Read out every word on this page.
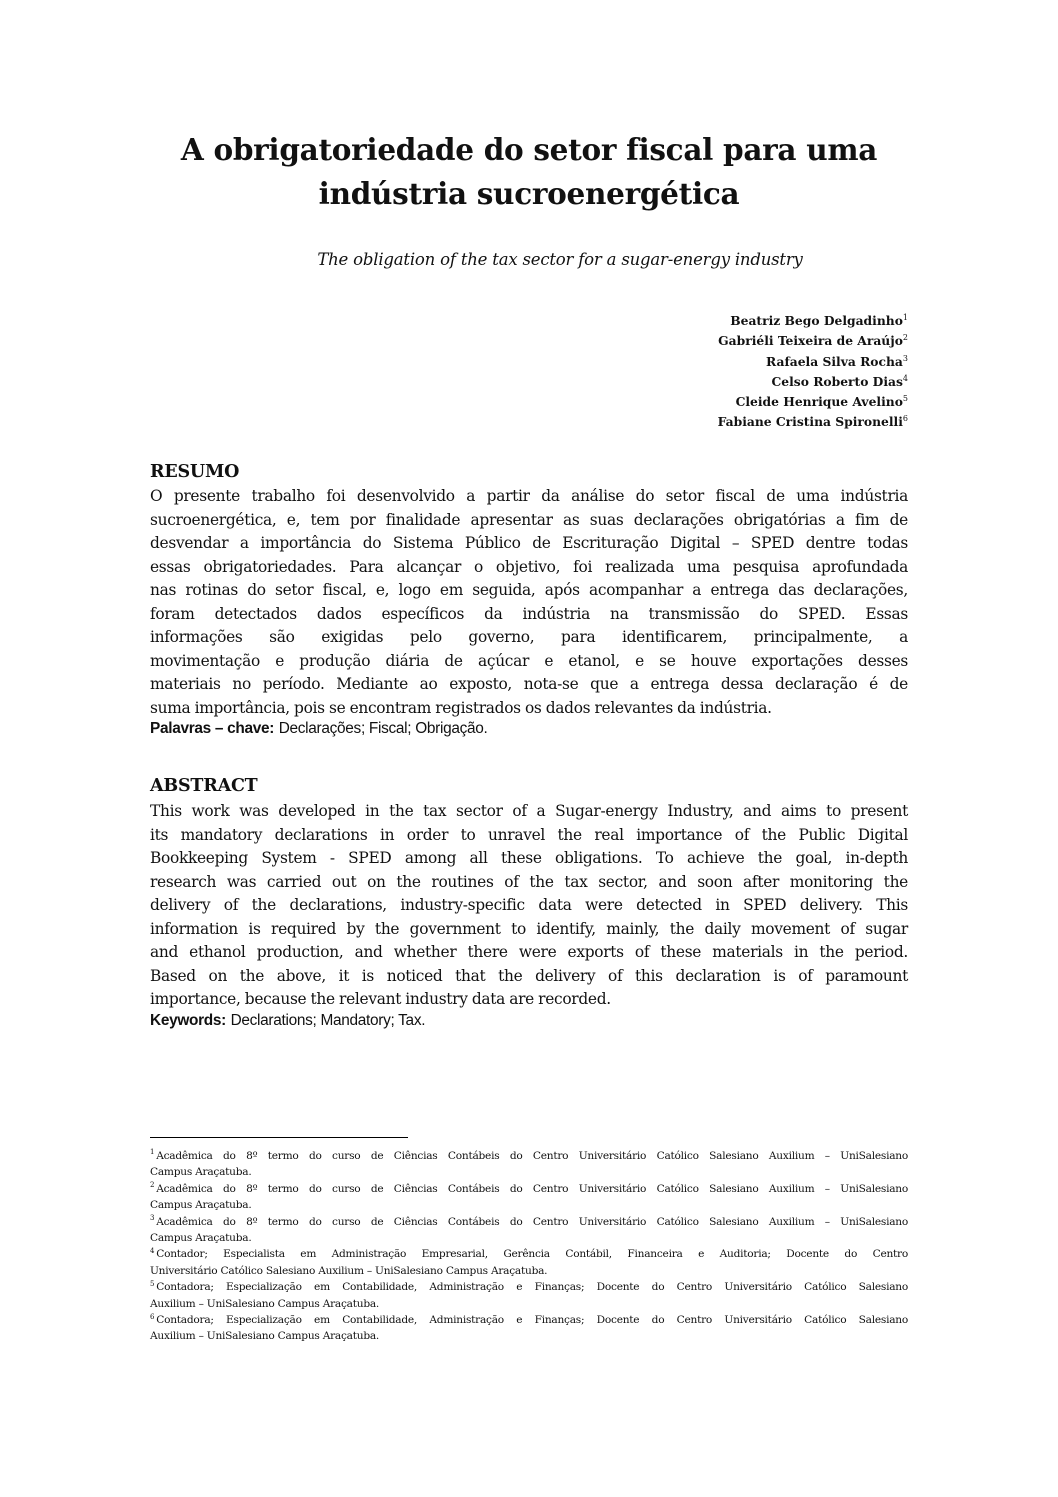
A obrigatoriedade do setor fiscal para uma
indústria sucroenergética
The obligation of the tax sector for a sugar-energy industry
Beatriz Bego Delgadinho$^1$
Gabriéli Teixeira de Araújo$^2$
Rafaela Silva Rocha$^3$
Celso Roberto Dias$^4$
Cleide Henrique Avelino$^5$
Fabiane Cristina Spironelli$^6$
RESUMO

O presente trabalho foi desenvolvido a partir da análise do setor fiscal de uma indústria
sucroenergética, e, tem por finalidade apresentar as suas declarações obrigatórias a fim de
desvendar a importância do Sistema Público de Escrituração Digital – SPED dentre todas
essas obrigatoriedades. Para alcançar o objetivo, foi realizada uma pesquisa aprofundada
nas rotinas do setor fiscal, e, logo em seguida, após acompanhar a entrega das declarações,
foram detectados dados específicos da indústria na transmissão do SPED. Essas
informações são exigidas pelo governo, para identificarem, principalmente, a
movimentação e produção diária de açúcar e etanol, e se houve exportações desses
materiais no período. Mediante ao exposto, nota-se que a entrega dessa declaração é de
suma importância, pois se encontram registrados os dados relevantes da indústria.

Palavras – chave: Declarações; Fiscal; Obrigação.
ABSTRACT

This work was developed in the tax sector of a Sugar-energy Industry, and aims to present
its mandatory declarations in order to unravel the real importance of the Public Digital
Bookkeeping System - SPED among all these obligations. To achieve the goal, in-depth
research was carried out on the routines of the tax sector, and soon after monitoring the
delivery of the declarations, industry-specific data were detected in SPED delivery. This
information is required by the government to identify, mainly, the daily movement of sugar
and ethanol production, and whether there were exports of these materials in the period.
Based on the above, it is noticed that the delivery of this declaration is of paramount
importance, because the relevant industry data are recorded.

Keywords: Declarations; Mandatory; Tax.
$^1$ Acadêmica do 8º termo do curso de Ciências Contábeis do Centro Universitário Católico Salesiano Auxilium – UniSalesiano
Campus Araçatuba.
$^2$ Acadêmica do 8º termo do curso de Ciências Contábeis do Centro Universitário Católico Salesiano Auxilium – UniSalesiano
Campus Araçatuba.
$^3$ Acadêmica do 8º termo do curso de Ciências Contábeis do Centro Universitário Católico Salesiano Auxilium – UniSalesiano
Campus Araçatuba.
$^4$ Contador; Especialista em Administração Empresarial, Gerência Contábil, Financeira e Auditoria; Docente do Centro
Universitário Católico Salesiano Auxilium – UniSalesiano Campus Araçatuba.
$^5$ Contadora; Especialização em Contabilidade, Administração e Finanças; Docente do Centro Universitário Católico Salesiano
Auxilium – UniSalesiano Campus Araçatuba.
$^6$ Contadora; Especialização em Contabilidade, Administração e Finanças; Docente do Centro Universitário Católico Salesiano
Auxilium – UniSalesiano Campus Araçatuba.
